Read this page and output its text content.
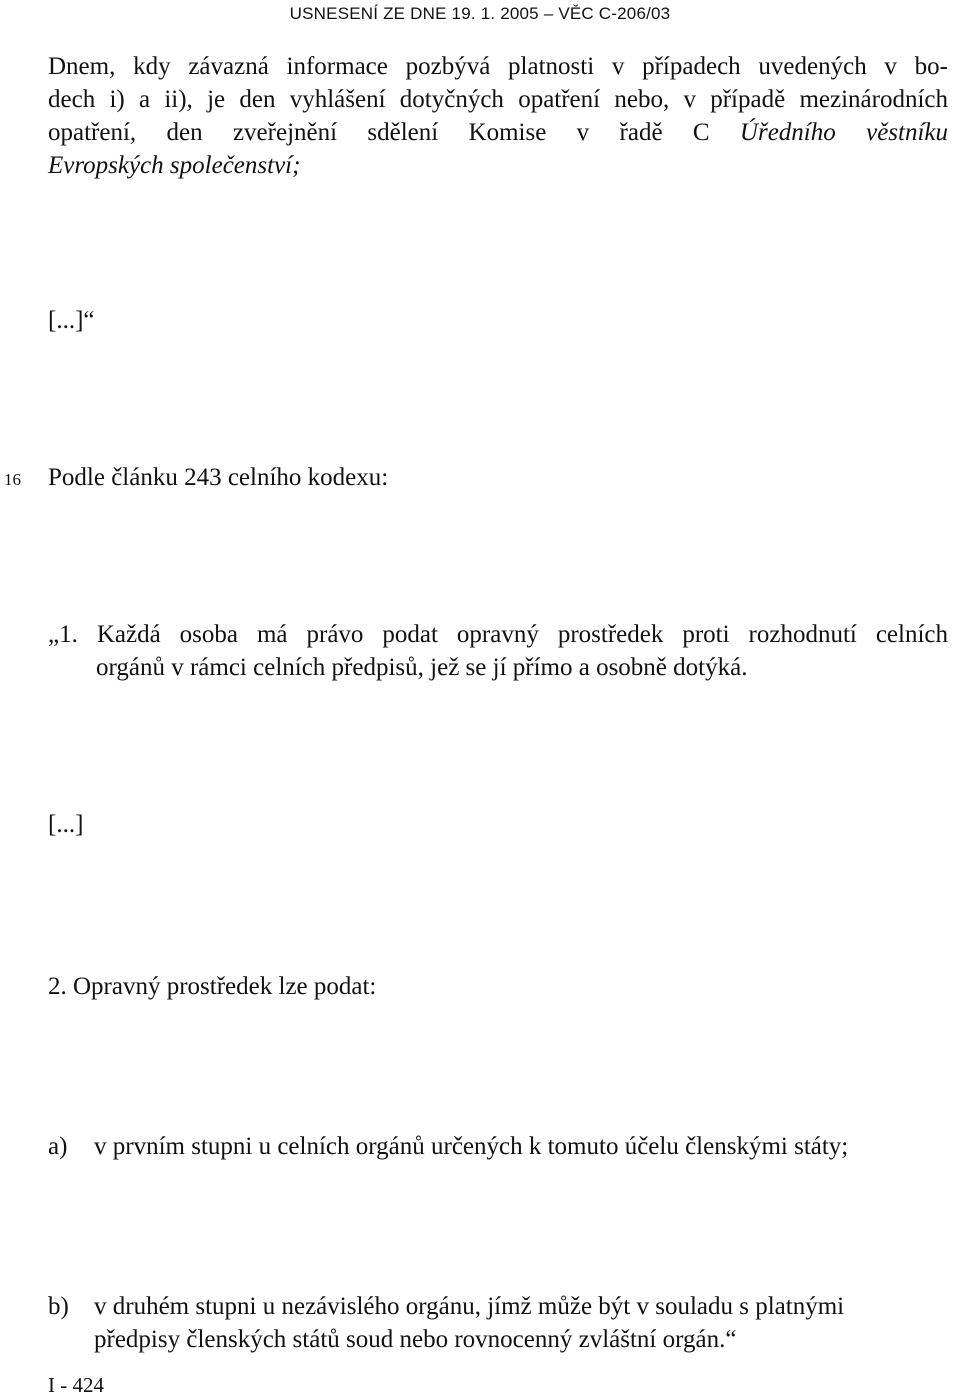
USNESENÍ ZE DNE 19. 1. 2005 – VĚC C-206/03
Dnem, kdy závazná informace pozbývá platnosti v případech uvedených v bo-
dech i) a ii), je den vyhlášení dotyčných opatření nebo, v případě mezinárodních
opatření, den zveřejnění sdělení Komise v řadě C Úředního věstníku
Evropských společenství;
[...]“
16 Podle článku 243 celního kodexu:
„1. Každá osoba má právo podat opravný prostředek proti rozhodnutí celních
orgánů v rámci celních předpisů, jež se jí přímo a osobně dotýká.
[...]
2. Opravný prostředek lze podat:
a) v prvním stupni u celních orgánů určených k tomuto účelu členskými státy;
b) v druhém stupni u nezávislého orgánu, jímž může být v souladu s platnými
předpisy členských států soud nebo rovnocenný zvláštní orgán.“
I - 424
